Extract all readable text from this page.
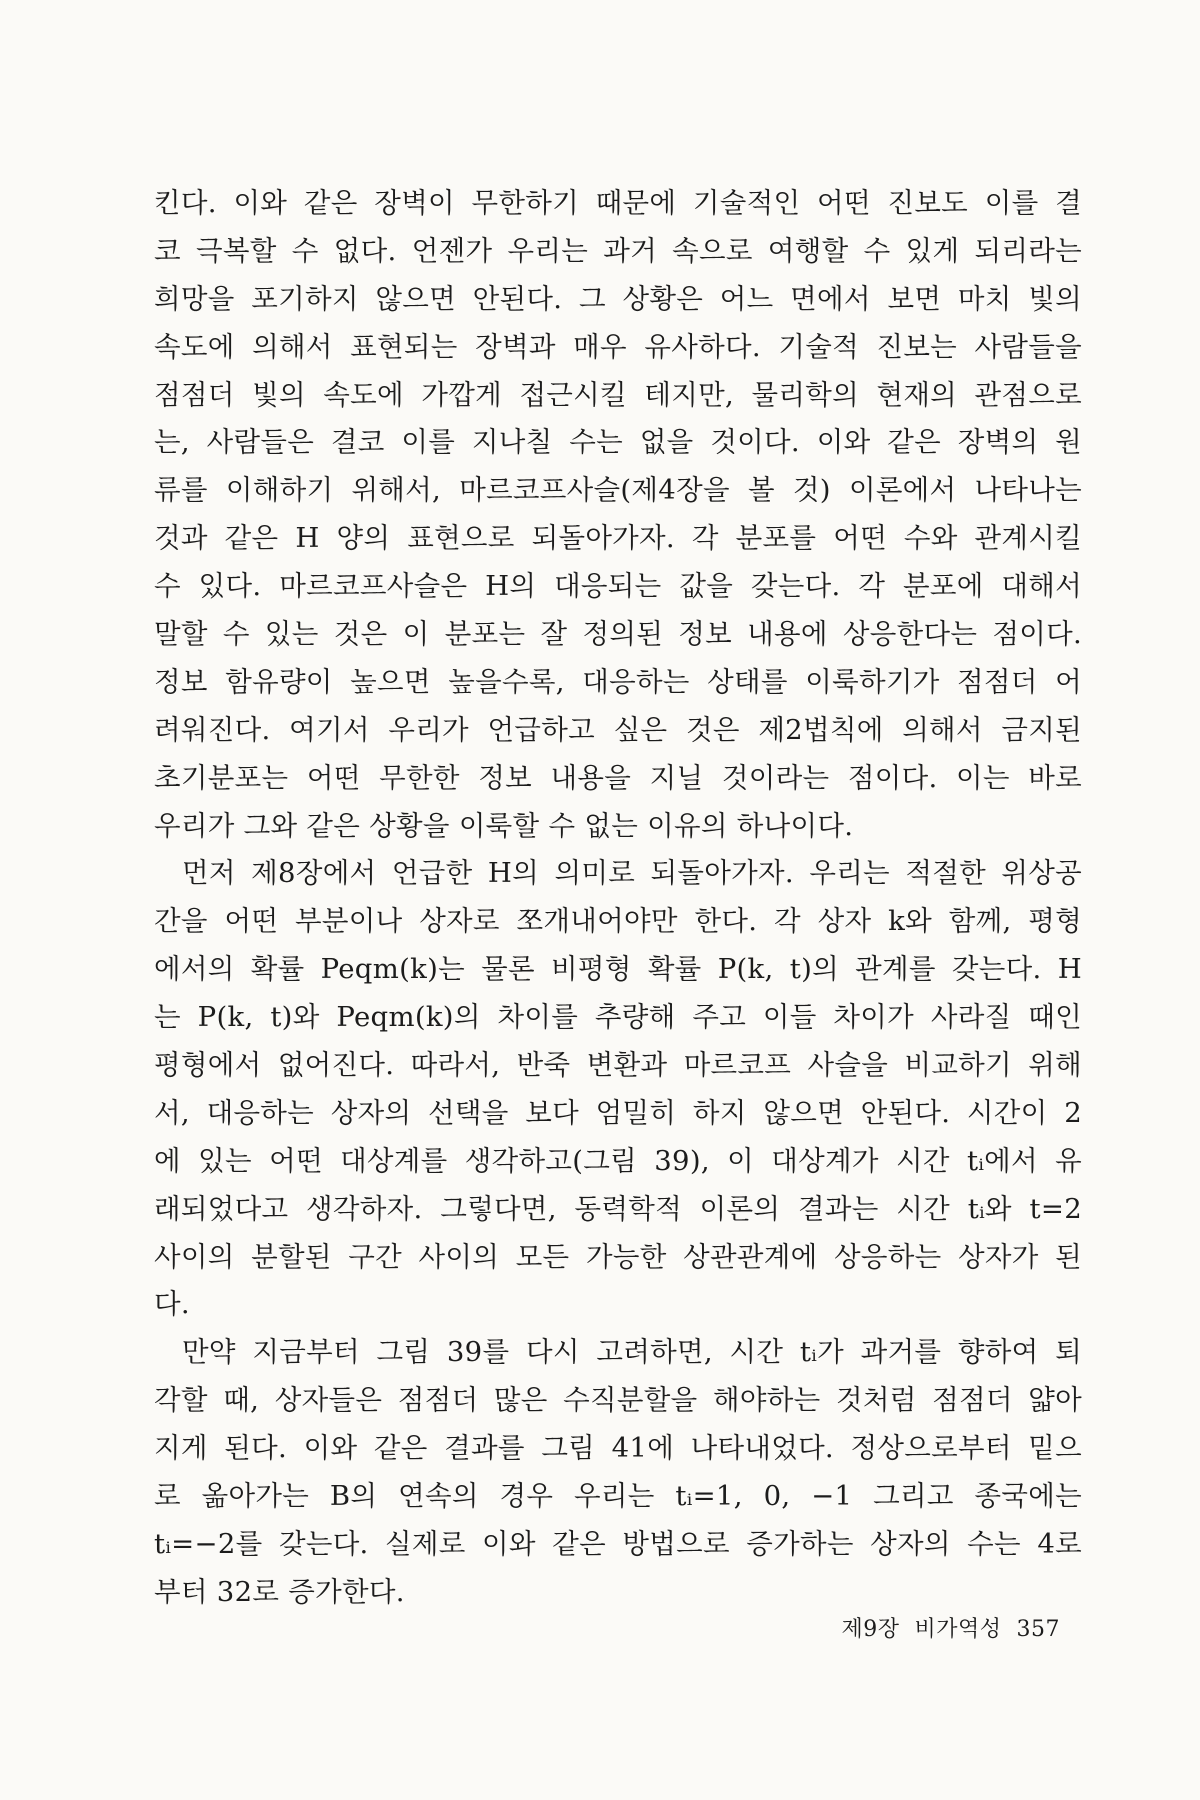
킨다. 이와 같은 장벽이 무한하기 때문에 기술적인 어떤 진보도 이를 결
코 극복할 수 없다. 언젠가 우리는 과거 속으로 여행할 수 있게 되리라는
희망을 포기하지 않으면 안된다. 그 상황은 어느 면에서 보면 마치 빛의
속도에 의해서 표현되는 장벽과 매우 유사하다. 기술적 진보는 사람들을
점점더 빛의 속도에 가깝게 접근시킬 테지만, 물리학의 현재의 관점으로
는, 사람들은 결코 이를 지나칠 수는 없을 것이다. 이와 같은 장벽의 원
류를 이해하기 위해서, 마르코프사슬(제4장을 볼 것) 이론에서 나타나는
것과 같은 H 양의 표현으로 되돌아가자. 각 분포를 어떤 수와 관계시킬
수 있다. 마르코프사슬은 H의 대응되는 값을 갖는다. 각 분포에 대해서
말할 수 있는 것은 이 분포는 잘 정의된 정보 내용에 상응한다는 점이다.
정보 함유량이 높으면 높을수록, 대응하는 상태를 이룩하기가 점점더 어
려워진다. 여기서 우리가 언급하고 싶은 것은 제2법칙에 의해서 금지된
초기분포는 어떤 무한한 정보 내용을 지닐 것이라는 점이다. 이는 바로
우리가 그와 같은 상황을 이룩할 수 없는 이유의 하나이다.
먼저 제8장에서 언급한 H의 의미로 되돌아가자. 우리는 적절한 위상공
간을 어떤 부분이나 상자로 쪼개내어야만 한다. 각 상자 k와 함께, 평형
에서의 확률 Peqm(k)는 물론 비평형 확률 P(k, t)의 관계를 갖는다. H
는 P(k, t)와 Peqm(k)의 차이를 추량해 주고 이들 차이가 사라질 때인
평형에서 없어진다. 따라서, 반죽 변환과 마르코프 사슬을 비교하기 위해
서, 대응하는 상자의 선택을 보다 엄밀히 하지 않으면 안된다. 시간이 2
에 있는 어떤 대상계를 생각하고(그림 39), 이 대상계가 시간 tᵢ에서 유
래되었다고 생각하자. 그렇다면, 동력학적 이론의 결과는 시간 tᵢ와 t=2
사이의 분할된 구간 사이의 모든 가능한 상관관계에 상응하는 상자가 된
다.
만약 지금부터 그림 39를 다시 고려하면, 시간 tᵢ가 과거를 향하여 퇴
각할 때, 상자들은 점점더 많은 수직분할을 해야하는 것처럼 점점더 얇아
지게 된다. 이와 같은 결과를 그림 41에 나타내었다. 정상으로부터 밑으
로 옮아가는 B의 연속의 경우 우리는 tᵢ=1, 0, −1 그리고 종국에는
tᵢ=−2를 갖는다. 실제로 이와 같은 방법으로 증가하는 상자의 수는 4로
부터 32로 증가한다.
제9장  비가역성  357
